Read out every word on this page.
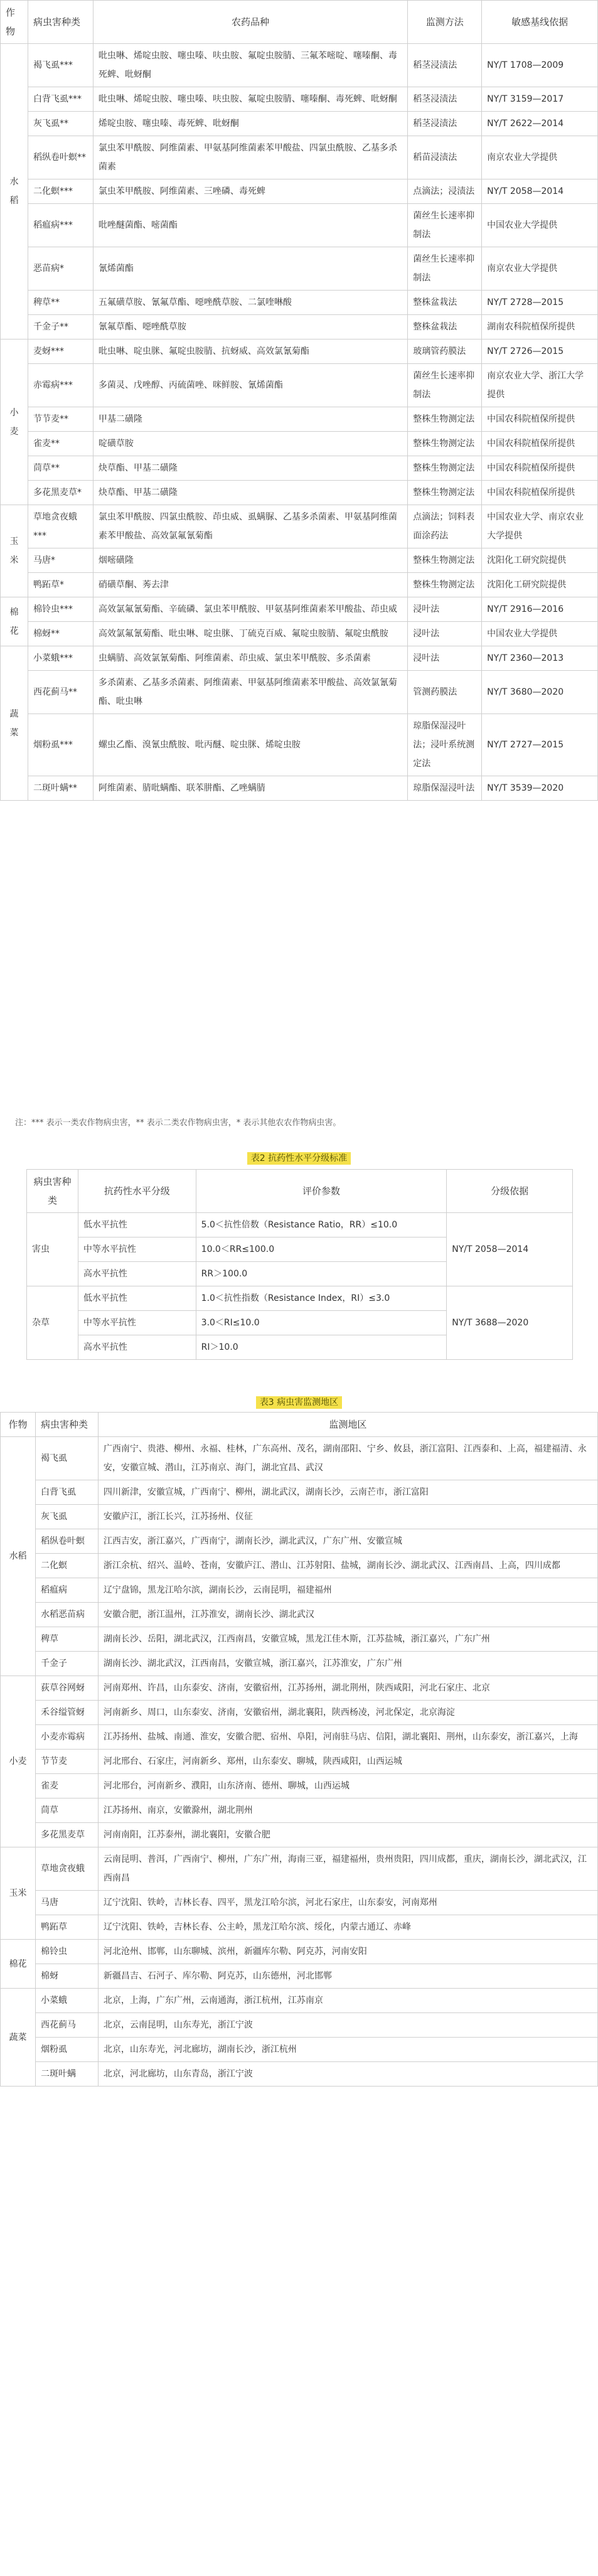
作物	病虫害种类	农药品种	监测方法	敏感基线依据
水稻	褐飞虱***	吡虫啉、烯啶虫胺、噻虫嗪、呋虫胺、氟啶虫胺腈、三氟苯嘧啶、噻嗪酮、毒死蜱、吡蚜酮	稻茎浸渍法	NY/T 1708—2009
	白背飞虱***	吡虫啉、烯啶虫胺、噻虫嗪、呋虫胺、氟啶虫胺腈、噻嗪酮、毒死蜱、吡蚜酮	稻茎浸渍法	NY/T 3159—2017
	灰飞虱**	烯啶虫胺、噻虫嗪、毒死蜱、吡蚜酮	稻茎浸渍法	NY/T 2622—2014
	稻纵卷叶螟**	氯虫苯甲酰胺、阿维菌素、甲氨基阿维菌素苯甲酸盐、四氯虫酰胺、乙基多杀菌素	稻苗浸渍法	南京农业大学提供
	二化螟***	氯虫苯甲酰胺、阿维菌素、三唑磷、毒死蜱	点滴法；浸渍法	NY/T 2058—2014
	稻瘟病***	吡唑醚菌酯、嘧菌酯	菌丝生长速率抑制法	中国农业大学提供
	恶苗病*	氰烯菌酯	菌丝生长速率抑制法	南京农业大学提供
	稗草**	五氟磺草胺、氰氟草酯、噁唑酰草胺、二氯喹啉酸	整株盆栽法	NY/T 2728—2015
	千金子**	氰氟草酯、噁唑酰草胺	整株盆栽法	湖南农科院植保所提供
小麦	麦蚜***	吡虫啉、啶虫脒、氟啶虫胺腈、抗蚜威、高效氯氰菊酯	玻璃管药膜法	NY/T 2726—2015
	赤霉病***	多菌灵、戊唑醇、丙硫菌唑、咪鲜胺、氰烯菌酯	菌丝生长速率抑制法	南京农业大学、浙江大学提供
	节节麦**	甲基二磺隆	整株生物测定法	中国农科院植保所提供
	雀麦**	啶磺草胺	整株生物测定法	中国农科院植保所提供
	茼草**	炔草酯、甲基二磺隆	整株生物测定法	中国农科院植保所提供
	多花黑麦草*	炔草酯、甲基二磺隆	整株生物测定法	中国农科院植保所提供
玉米	草地贪夜蛾***	氯虫苯甲酰胺、四氯虫酰胺、茚虫威、虱螨脲、乙基多杀菌素、甲氨基阿维菌素苯甲酸盐、高效氯氟氰菊酯	点滴法；饲料表面涂药法	中国农业大学、南京农业大学提供
	马唐*	烟嘧磺隆	整株生物测定法	沈阳化工研究院提供
	鸭跖草*	硝磺草酮、莠去津	整株生物测定法	沈阳化工研究院提供
棉花	棉铃虫***	高效氯氟氰菊酯、辛硫磷、氯虫苯甲酰胺、甲氨基阿维菌素苯甲酸盐、茚虫威	浸叶法	NY/T 2916—2016
	棉蚜**	高效氯氟氰菊酯、吡虫啉、啶虫脒、丁硫克百威、氟啶虫胺腈、氟啶虫酰胺	浸叶法	中国农业大学提供
蔬菜	小菜蛾***	虫螨腈、高效氯氰菊酯、阿维菌素、茚虫威、氯虫苯甲酰胺、多杀菌素	浸叶法	NY/T 2360—2013
	西花蓟马**	多杀菌素、乙基多杀菌素、阿维菌素、甲氨基阿维菌素苯甲酸盐、高效氯氰菊酯、吡虫啉	管测药膜法	NY/T 3680—2020
	烟粉虱***	螺虫乙酯、溴氰虫酰胺、吡丙醚、啶虫脒、烯啶虫胺	琼脂保湿浸叶法；浸叶系统测定法	NY/T 2727—2015
	二斑叶螨**	阿维菌素、腈吡螨酯、联苯肼酯、乙唑螨腈	琼脂保湿浸叶法	NY/T 3539—2020
注：*** 表示一类农作物病虫害，** 表示二类农作物病虫害，* 表示其他农农作物病虫害。
表2 抗药性水平分级标准
病虫害种类	抗药性水平分级	评价参数	分级依据
害虫	低水平抗性	5.0＜抗性倍数（Resistance Ratio，RR）≤10.0	NY/T 2058—2014
	中等水平抗性	10.0＜RR≤100.0	
	高水平抗性	RR＞100.0	
杂草	低水平抗性	1.0＜抗性指数（Resistance Index，RI）≤3.0	NY/T 3688—2020
	中等水平抗性	3.0＜RI≤10.0	
	高水平抗性	RI＞10.0	
表3 病虫害监测地区
作物	病虫害种类	监测地区
水稻	褐飞虱	广西南宁、贵港、柳州、永福、桂林，广东高州、茂名，湖南邵阳、宁乡、攸县，浙江富阳、江西泰和、上高，福建福清、永安，安徽宣城、潜山，江苏南京、海门，湖北宜昌、武汉
	白背飞虱	四川新津，安徽宣城，广西南宁、柳州，湖北武汉，湖南长沙，云南芒市，浙江富阳
	灰飞虱	安徽庐江，浙江长兴，江苏扬州、仪征
	稻纵卷叶螟	江西吉安，浙江嘉兴，广西南宁，湖南长沙，湖北武汉，广东广州、安徽宣城
	二化螟	浙江余杭、绍兴、温岭、苍南，安徽庐江、潜山、江苏射阳、盐城，湖南长沙、湖北武汉、江西南昌、上高，四川成都
	稻瘟病	辽宁盘锦，黑龙江哈尔滨，湖南长沙，云南昆明，福建福州
	水稻恶苗病	安徽合肥，浙江温州，江苏淮安，湖南长沙、湖北武汉
	稗草	湖南长沙、岳阳，湖北武汉，江西南昌，安徽宣城，黑龙江佳木斯，江苏盐城，浙江嘉兴，广东广州
	千金子	湖南长沙、湖北武汉，江西南昌，安徽宣城，浙江嘉兴，江苏淮安，广东广州
小麦	荻草谷网蚜	河南郑州、许昌，山东泰安、济南，安徽宿州，江苏扬州，湖北荆州，陕西咸阳，河北石家庄、北京
	禾谷缢管蚜	河南新乡、周口，山东泰安、济南，安徽宿州，湖北襄阳，陕西杨凌，河北保定，北京海淀
	小麦赤霉病	江苏扬州、盐城、南通、淮安，安徽合肥、宿州、阜阳，河南驻马店、信阳，湖北襄阳、荆州，山东泰安，浙江嘉兴，上海
	节节麦	河北邢台、石家庄，河南新乡、郑州，山东泰安、聊城，陕西咸阳，山西运城
	雀麦	河北邢台，河南新乡、濮阳，山东济南、德州、聊城，山西运城
	茼草	江苏扬州、南京，安徽滁州，湖北荆州
	多花黑麦草	河南南阳，江苏泰州，湖北襄阳，安徽合肥
玉米	草地贪夜蛾	云南昆明、普洱，广西南宁、柳州，广东广州，海南三亚，福建福州，贵州贵阳，四川成都，重庆，湖南长沙，湖北武汉，江西南昌
	马唐	辽宁沈阳、铁岭，吉林长春、四平，黑龙江哈尔滨，河北石家庄，山东泰安，河南郑州
	鸭跖草	辽宁沈阳、铁岭，吉林长春、公主岭，黑龙江哈尔滨、绥化，内蒙古通辽、赤峰
棉花	棉铃虫	河北沧州、邯郸，山东聊城、滨州，新疆库尔勒、阿克苏，河南安阳
	棉蚜	新疆昌吉、石河子、库尔勒、阿克苏，山东德州，河北邯郸
蔬菜	小菜蛾	北京，上海，广东广州，云南通海，浙江杭州，江苏南京
	西花蓟马	北京，云南昆明，山东寿光，浙江宁波
	烟粉虱	北京，山东寿光，河北廊坊，湖南长沙，浙江杭州
	二斑叶螨	北京，河北廊坊，山东青岛，浙江宁波
